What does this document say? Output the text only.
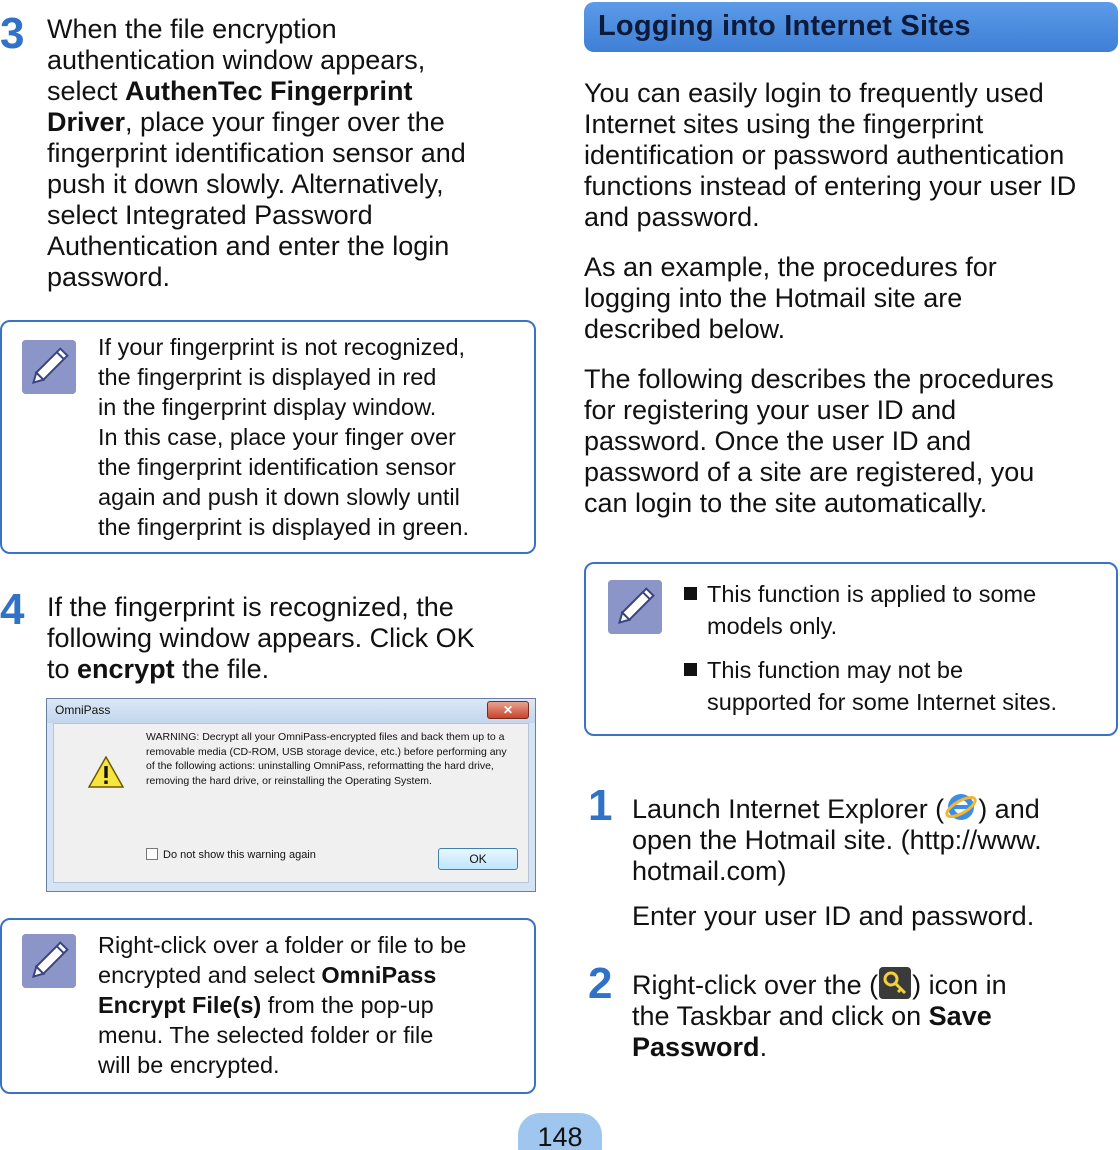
3 When the file encryption
authentication window appears,
select AuthenTec Fingerprint
Driver, place your finger over the
fingerprint identification sensor and
push it down slowly. Alternatively,
select Integrated Password
Authentication and enter the login
password.
If your fingerprint is not recognized,
the fingerprint is displayed in red
in the fingerprint display window.
In this case, place your finger over
the fingerprint identification sensor
again and push it down slowly until
the fingerprint is displayed in green.
4 If the fingerprint is recognized, the
following window appears. Click OK
to encrypt the file.
OmniPass	✕
WARNING: Decrypt all your OmniPass-encrypted files and back them up to a removable media (CD-ROM, USB storage device, etc.) before performing any of the following actions: uninstalling OmniPass, reformatting the hard drive, removing the hard drive, or reinstalling the Operating System.
Do not show this warning again	OK
Right-click over a folder or file to be
encrypted and select OmniPass
Encrypt File(s) from the pop-up
menu. The selected folder or file
will be encrypted.
Logging into Internet Sites
You can easily login to frequently used
Internet sites using the fingerprint
identification or password authentication
functions instead of entering your user ID
and password.
As an example, the procedures for
logging into the Hotmail site are
described below.
The following describes the procedures
for registering your user ID and
password. Once the user ID and
password of a site are registered, you
can login to the site automatically.
This function is applied to some
models only.
This function may not be
supported for some Internet sites.
1 Launch Internet Explorer ( ) and
open the Hotmail site. (http://www.
hotmail.com)
Enter your user ID and password.
2 Right-click over the ( ) icon in
the Taskbar and click on Save
Password.
148
